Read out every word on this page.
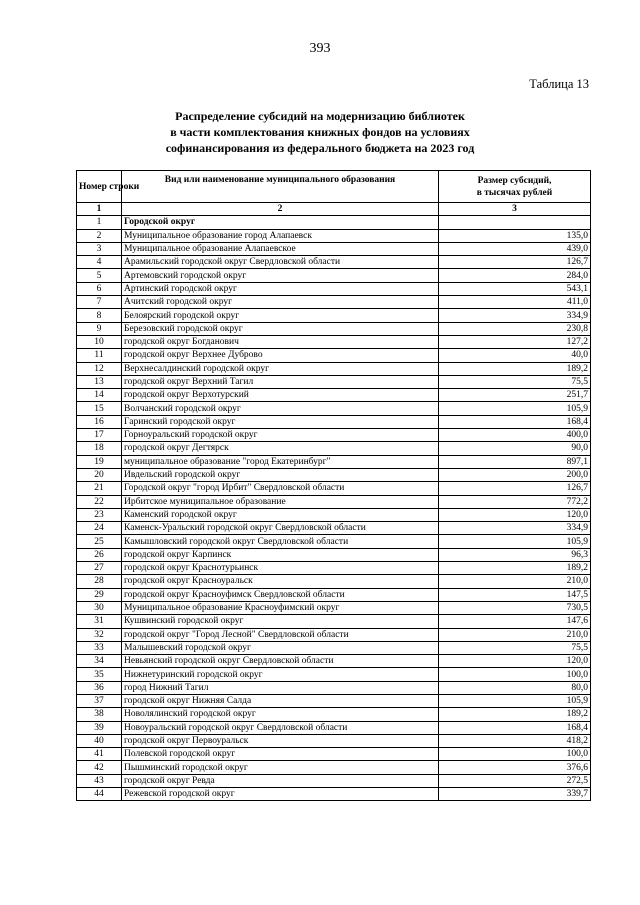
393
Таблица 13
Распределение субсидий на модернизацию библиотек
в части комплектования книжных фондов на условиях
софинансирования из федерального бюджета на 2023 год
Номер строки	Вид или наименование муниципального образования	Размер субсидий,
в тысячах рублей

1	2	3
1	Городской округ	
2	Муниципальное образование город Алапаевск	135,0
3	Муниципальное образование Алапаевское	439,0
4	Арамильский городской округ Свердловской области	126,7
5	Артемовский городской округ	284,0
6	Артинский городской округ	543,1
7	Ачитский городской округ	411,0
8	Белоярский городской округ	334,9
9	Березовский городской округ	230,8
10	городской округ Богданович	127,2
11	городской округ Верхнее Дуброво	40,0
12	Верхнесалдинский городской округ	189,2
13	городской округ Верхний Тагил	75,5
14	городской округ Верхотурский	251,7
15	Волчанский городской округ	105,9
16	Гаринский городской округ	168,4
17	Горноуральский городской округ	400,0
18	городской округ Дегтярск	90,0
19	муниципальное образование "город Екатеринбург"	897,1
20	Ивдельский городской округ	200,0
21	Городской округ "город Ирбит" Свердловской области	126,7
22	Ирбитское муниципальное образование	772,2
23	Каменский городской округ	120,0
24	Каменск-Уральский городской округ Свердловской области	334,9
25	Камышловский городской округ Свердловской области	105,9
26	городской округ Карпинск	96,3
27	городской округ Краснотурьинск	189,2
28	городской округ Красноуральск	210,0
29	городской округ Красноуфимск Свердловской области	147,5
30	Муниципальное образование Красноуфимский округ	730,5
31	Кушвинский городской округ	147,6
32	городской округ "Город Лесной" Свердловской области	210,0
33	Малышевский городской округ	75,5
34	Невьянский городской округ Свердловской области	120,0
35	Нижнетуринский городской округ	100,0
36	город Нижний Тагил	80,0
37	городской округ Нижняя Салда	105,9
38	Новолялинский городской округ	189,2
39	Новоуральский городской округ Свердловской области	168,4
40	городской округ Первоуральск	418,2
41	Полевской городской округ	100,0
42	Пышминский городской округ	376,6
43	городской округ Ревда	272,5
44	Режевской городской округ	339,7
